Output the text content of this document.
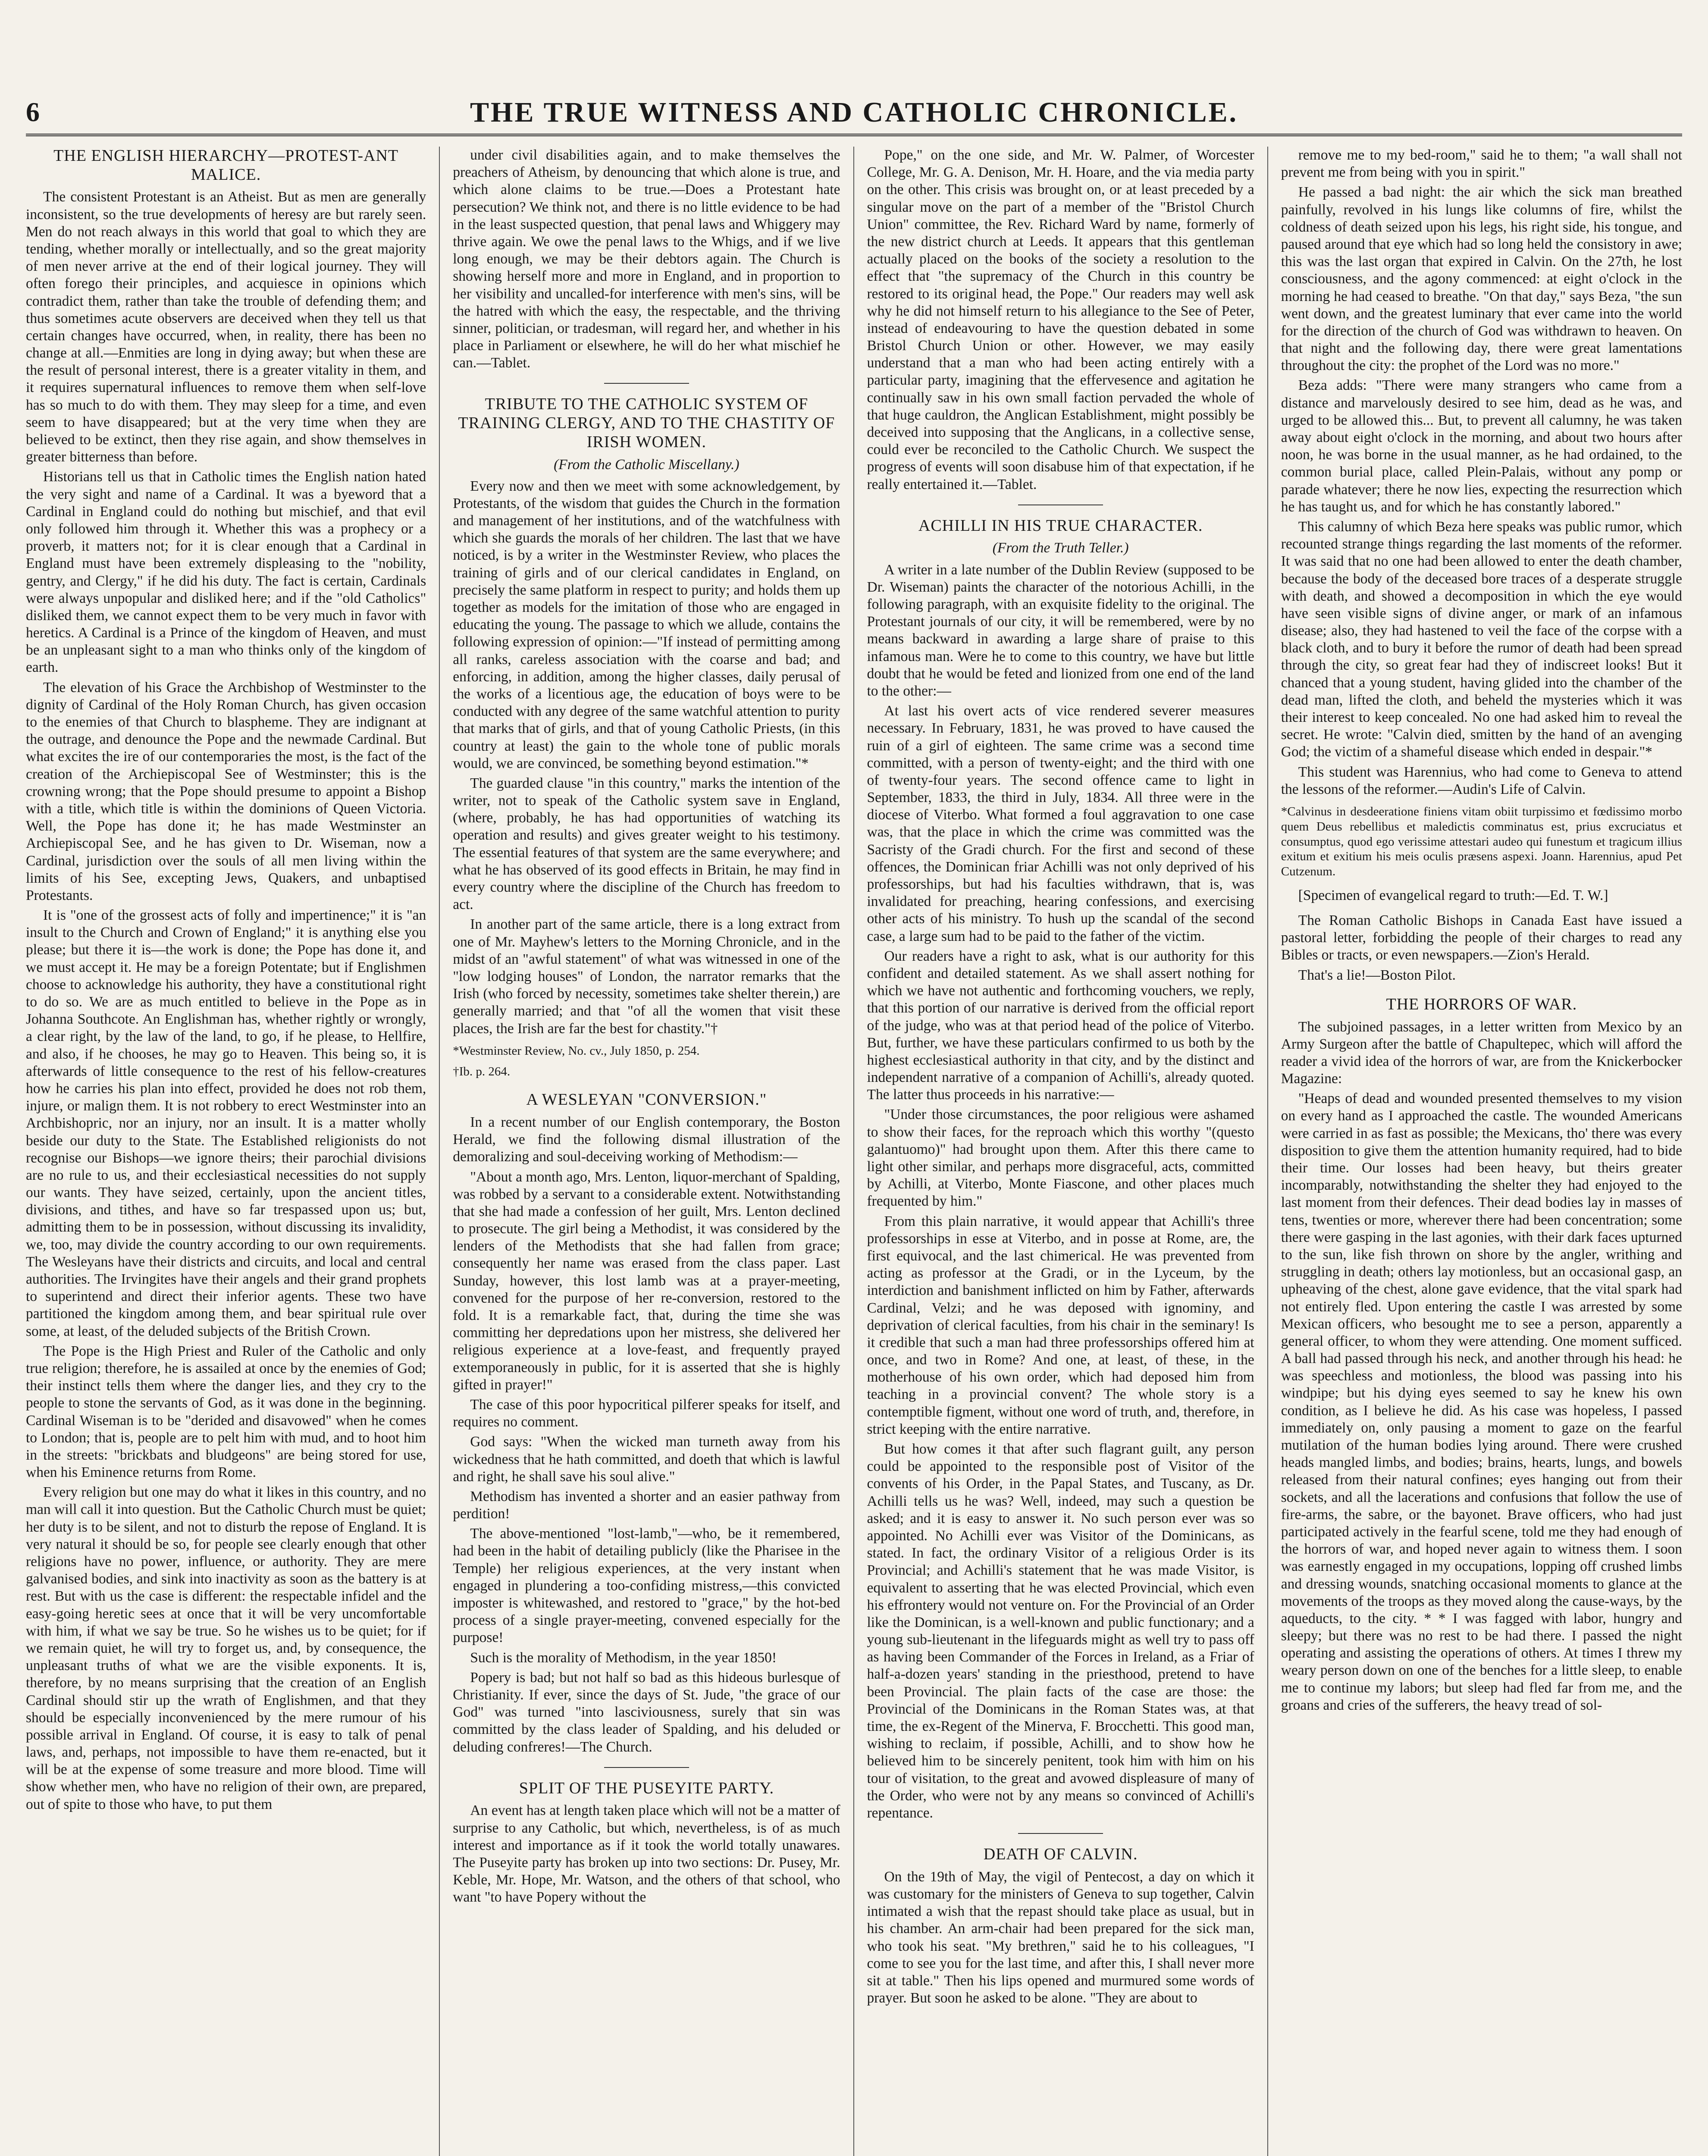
6	THE TRUE WITNESS AND CATHOLIC CHRONICLE.
THE ENGLISH HIERARCHY—PROTEST-ANT MALICE.

The consistent Protestant is an Atheist. But as men are generally inconsistent, so the true developments of heresy are but rarely seen. Men do not reach always in this world that goal to which they are tending, whether morally or intellectually, and so the great majority of men never arrive at the end of their logical journey. They will often forego their principles, and acquiesce in opinions which contradict them, rather than take the trouble of defending them; and thus sometimes acute observers are deceived when they tell us that certain changes have occurred, when, in reality, there has been no change at all.—Enmities are long in dying away; but when these are the result of personal interest, there is a greater vitality in them, and it requires supernatural influences to remove them when self-love has so much to do with them. They may sleep for a time, and even seem to have disappeared; but at the very time when they are believed to be extinct, then they rise again, and show themselves in greater bitterness than before.

Historians tell us that in Catholic times the English nation hated the very sight and name of a Cardinal. It was a byeword that a Cardinal in England could do nothing but mischief, and that evil only followed him through it. Whether this was a prophecy or a proverb, it matters not; for it is clear enough that a Cardinal in England must have been extremely displeasing to the "nobility, gentry, and Clergy," if he did his duty. The fact is certain, Cardinals were always unpopular and disliked here; and if the "old Catholics" disliked them, we cannot expect them to be very much in favor with heretics. A Cardinal is a Prince of the kingdom of Heaven, and must be an unpleasant sight to a man who thinks only of the kingdom of earth.

The elevation of his Grace the Archbishop of Westminster to the dignity of Cardinal of the Holy Roman Church, has given occasion to the enemies of that Church to blaspheme. They are indignant at the outrage, and denounce the Pope and the newmade Cardinal. But what excites the ire of our contemporaries the most, is the fact of the creation of the Archiepiscopal See of Westminster; this is the crowning wrong; that the Pope should presume to appoint a Bishop with a title, which title is within the dominions of Queen Victoria. Well, the Pope has done it; he has made Westminster an Archiepiscopal See, and he has given to Dr. Wiseman, now a Cardinal, jurisdiction over the souls of all men living within the limits of his See, excepting Jews, Quakers, and unbaptised Protestants.

It is "one of the grossest acts of folly and impertinence;" it is "an insult to the Church and Crown of England;" it is anything else you please; but there it is—the work is done; the Pope has done it, and we must accept it. He may be a foreign Potentate; but if Englishmen choose to acknowledge his authority, they have a constitutional right to do so. We are as much entitled to believe in the Pope as in Johanna Southcote. An Englishman has, whether rightly or wrongly, a clear right, by the law of the land, to go, if he please, to Hellfire, and also, if he chooses, he may go to Heaven. This being so, it is afterwards of little consequence to the rest of his fellow-creatures how he carries his plan into effect, provided he does not rob them, injure, or malign them. It is not robbery to erect Westminster into an Archbishopric, nor an injury, nor an insult. It is a matter wholly beside our duty to the State. The Established religionists do not recognise our Bishops—we ignore theirs; their parochial divisions are no rule to us, and their ecclesiastical necessities do not supply our wants. They have seized, certainly, upon the ancient titles, divisions, and tithes, and have so far trespassed upon us; but, admitting them to be in possession, without discussing its invalidity, we, too, may divide the country according to our own requirements. The Wesleyans have their districts and circuits, and local and central authorities. The Irvingites have their angels and their grand prophets to superintend and direct their inferior agents. These two have partitioned the kingdom among them, and bear spiritual rule over some, at least, of the deluded subjects of the British Crown.

The Pope is the High Priest and Ruler of the Catholic and only true religion; therefore, he is assailed at once by the enemies of God; their instinct tells them where the danger lies, and they cry to the people to stone the servants of God, as it was done in the beginning. Cardinal Wiseman is to be "derided and disavowed" when he comes to London; that is, people are to pelt him with mud, and to hoot him in the streets: "brickbats and bludgeons" are being stored for use, when his Eminence returns from Rome.

Every religion but one may do what it likes in this country, and no man will call it into question. But the Catholic Church must be quiet; her duty is to be silent, and not to disturb the repose of England. It is very natural it should be so, for people see clearly enough that other religions have no power, influence, or authority. They are mere galvanised bodies, and sink into inactivity as soon as the battery is at rest. But with us the case is different: the respectable infidel and the easy-going heretic sees at once that it will be very uncomfortable with him, if what we say be true. So he wishes us to be quiet; for if we remain quiet, he will try to forget us, and, by consequence, the unpleasant truths of what we are the visible exponents. It is, therefore, by no means surprising that the creation of an English Cardinal should stir up the wrath of Englishmen, and that they should be especially inconvenienced by the mere rumour of his possible arrival in England. Of course, it is easy to talk of penal laws, and, perhaps, not impossible to have them re-enacted, but it will be at the expense of some treasure and more blood. Time will show whether men, who have no religion of their own, are prepared, out of spite to those who have, to put them

under civil disabilities again, and to make themselves the preachers of Atheism, by denouncing that which alone is true, and which alone claims to be true.—Does a Protestant hate persecution? We think not, and there is no little evidence to be had in the least suspected question, that penal laws and Whiggery may thrive again. We owe the penal laws to the Whigs, and if we live long enough, we may be their debtors again. The Church is showing herself more and more in England, and in proportion to her visibility and uncalled-for interference with men's sins, will be the hatred with which the easy, the respectable, and the thriving sinner, politician, or tradesman, will regard her, and whether in his place in Parliament or elsewhere, he will do her what mischief he can.—Tablet.

TRIBUTE TO THE CATHOLIC SYSTEM OF TRAINING CLERGY, AND TO THE CHASTITY OF IRISH WOMEN.
(From the Catholic Miscellany.)

Every now and then we meet with some acknowledgement, by Protestants, of the wisdom that guides the Church in the formation and management of her institutions, and of the watchfulness with which she guards the morals of her children. The last that we have noticed, is by a writer in the Westminster Review, who places the training of girls and of our clerical candidates in England, on precisely the same platform in respect to purity; and holds them up together as models for the imitation of those who are engaged in educating the young. The passage to which we allude, contains the following expression of opinion:—"If instead of permitting among all ranks, careless association with the coarse and bad; and enforcing, in addition, among the higher classes, daily perusal of the works of a licentious age, the education of boys were to be conducted with any degree of the same watchful attention to purity that marks that of girls, and that of young Catholic Priests, (in this country at least) the gain to the whole tone of public morals would, we are convinced, be something beyond estimation."*

The guarded clause "in this country," marks the intention of the writer, not to speak of the Catholic system save in England, (where, probably, he has had opportunities of watching its operation and results) and gives greater weight to his testimony. The essential features of that system are the same everywhere; and what he has observed of its good effects in Britain, he may find in every country where the discipline of the Church has freedom to act.

In another part of the same article, there is a long extract from one of Mr. Mayhew's letters to the Morning Chronicle, and in the midst of an "awful statement" of what was witnessed in one of the "low lodging houses" of London, the narrator remarks that the Irish (who forced by necessity, sometimes take shelter therein,) are generally married; and that "of all the women that visit these places, the Irish are far the best for chastity."†

*Westminster Review, No. cv., July 1850, p. 254.
†Ib. p. 264.
A WESLEYAN "CONVERSION."

In a recent number of our English contemporary, the Boston Herald, we find the following dismal illustration of the demoralizing and soul-deceiving working of Methodism:—

"About a month ago, Mrs. Lenton, liquor-merchant of Spalding, was robbed by a servant to a considerable extent. Notwithstanding that she had made a confession of her guilt, Mrs. Lenton declined to prosecute. The girl being a Methodist, it was considered by the lenders of the Methodists that she had fallen from grace; consequently her name was erased from the class paper. Last Sunday, however, this lost lamb was at a prayer-meeting, convened for the purpose of her re-conversion, restored to the fold. It is a remarkable fact, that, during the time she was committing her depredations upon her mistress, she delivered her religious experience at a love-feast, and frequently prayed extemporaneously in public, for it is asserted that she is highly gifted in prayer!"

The case of this poor hypocritical pilferer speaks for itself, and requires no comment.

God says: "When the wicked man turneth away from his wickedness that he hath committed, and doeth that which is lawful and right, he shall save his soul alive."

Methodism has invented a shorter and an easier pathway from perdition!

The above-mentioned "lost-lamb,"—who, be it remembered, had been in the habit of detailing publicly (like the Pharisee in the Temple) her religious experiences, at the very instant when engaged in plundering a too-confiding mistress,—this convicted imposter is whitewashed, and restored to "grace," by the hot-bed process of a single prayer-meeting, convened especially for the purpose!

Such is the morality of Methodism, in the year 1850!

Popery is bad; but not half so bad as this hideous burlesque of Christianity. If ever, since the days of St. Jude, "the grace of our God" was turned "into lasciviousness, surely that sin was committed by the class leader of Spalding, and his deluded or deluding confreres!—The Church.

SPLIT OF THE PUSEYITE PARTY.

An event has at length taken place which will not be a matter of surprise to any Catholic, but which, nevertheless, is of as much interest and importance as if it took the world totally unawares. The Puseyite party has broken up into two sections: Dr. Pusey, Mr. Keble, Mr. Hope, Mr. Watson, and the others of that school, who want "to have Popery without the

Pope," on the one side, and Mr. W. Palmer, of Worcester College, Mr. G. A. Denison, Mr. H. Hoare, and the via media party on the other. This crisis was brought on, or at least preceded by a singular move on the part of a member of the "Bristol Church Union" committee, the Rev. Richard Ward by name, formerly of the new district church at Leeds. It appears that this gentleman actually placed on the books of the society a resolution to the effect that "the supremacy of the Church in this country be restored to its original head, the Pope." Our readers may well ask why he did not himself return to his allegiance to the See of Peter, instead of endeavouring to have the question debated in some Bristol Church Union or other. However, we may easily understand that a man who had been acting entirely with a particular party, imagining that the effervesence and agitation he continually saw in his own small faction pervaded the whole of that huge cauldron, the Anglican Establishment, might possibly be deceived into supposing that the Anglicans, in a collective sense, could ever be reconciled to the Catholic Church. We suspect the progress of events will soon disabuse him of that expectation, if he really entertained it.—Tablet.

ACHILLI IN HIS TRUE CHARACTER.
(From the Truth Teller.)

A writer in a late number of the Dublin Review (supposed to be Dr. Wiseman) paints the character of the notorious Achilli, in the following paragraph, with an exquisite fidelity to the original. The Protestant journals of our city, it will be remembered, were by no means backward in awarding a large share of praise to this infamous man. Were he to come to this country, we have but little doubt that he would be feted and lionized from one end of the land to the other:—

At last his overt acts of vice rendered severer measures necessary. In February, 1831, he was proved to have caused the ruin of a girl of eighteen. The same crime was a second time committed, with a person of twenty-eight; and the third with one of twenty-four years. The second offence came to light in September, 1833, the third in July, 1834. All three were in the diocese of Viterbo. What formed a foul aggravation to one case was, that the place in which the crime was committed was the Sacristy of the Gradi church. For the first and second of these offences, the Dominican friar Achilli was not only deprived of his professorships, but had his faculties withdrawn, that is, was invalidated for preaching, hearing confessions, and exercising other acts of his ministry. To hush up the scandal of the second case, a large sum had to be paid to the father of the victim.

Our readers have a right to ask, what is our authority for this confident and detailed statement. As we shall assert nothing for which we have not authentic and forthcoming vouchers, we reply, that this portion of our narrative is derived from the official report of the judge, who was at that period head of the police of Viterbo. But, further, we have these particulars confirmed to us both by the highest ecclesiastical authority in that city, and by the distinct and independent narrative of a companion of Achilli's, already quoted. The latter thus proceeds in his narrative:—

"Under those circumstances, the poor religious were ashamed to show their faces, for the reproach which this worthy "(questo galantuomo)" had brought upon them. After this there came to light other similar, and perhaps more disgraceful, acts, committed by Achilli, at Viterbo, Monte Fiascone, and other places much frequented by him."

From this plain narrative, it would appear that Achilli's three professorships in esse at Viterbo, and in posse at Rome, are, the first equivocal, and the last chimerical. He was prevented from acting as professor at the Gradi, or in the Lyceum, by the interdiction and banishment inflicted on him by Father, afterwards Cardinal, Velzi; and he was deposed with ignominy, and deprivation of clerical faculties, from his chair in the seminary! Is it credible that such a man had three professorships offered him at once, and two in Rome? And one, at least, of these, in the motherhouse of his own order, which had deposed him from teaching in a provincial convent? The whole story is a contemptible figment, without one word of truth, and, therefore, in strict keeping with the entire narrative.

But how comes it that after such flagrant guilt, any person could be appointed to the responsible post of Visitor of the convents of his Order, in the Papal States, and Tuscany, as Dr. Achilli tells us he was? Well, indeed, may such a question be asked; and it is easy to answer it. No such person ever was so appointed. No Achilli ever was Visitor of the Dominicans, as stated. In fact, the ordinary Visitor of a religious Order is its Provincial; and Achilli's statement that he was made Visitor, is equivalent to asserting that he was elected Provincial, which even his effrontery would not venture on. For the Provincial of an Order like the Dominican, is a well-known and public functionary; and a young sub-lieutenant in the lifeguards might as well try to pass off as having been Commander of the Forces in Ireland, as a Friar of half-a-dozen years' standing in the priesthood, pretend to have been Provincial. The plain facts of the case are those: the Provincial of the Dominicans in the Roman States was, at that time, the ex-Regent of the Minerva, F. Brocchetti. This good man, wishing to reclaim, if possible, Achilli, and to show how he believed him to be sincerely penitent, took him with him on his tour of visitation, to the great and avowed displeasure of many of the Order, who were not by any means so convinced of Achilli's repentance.

DEATH OF CALVIN.

On the 19th of May, the vigil of Pentecost, a day on which it was customary for the ministers of Geneva to sup together, Calvin intimated a wish that the repast should take place as usual, but in his chamber. An arm-chair had been prepared for the sick man, who took his seat. "My brethren," said he to his colleagues, "I come to see you for the last time, and after this, I shall never more sit at table." Then his lips opened and murmured some words of prayer. But soon he asked to be alone. "They are about to

remove me to my bed-room," said he to them; "a wall shall not prevent me from being with you in spirit."

He passed a bad night: the air which the sick man breathed painfully, revolved in his lungs like columns of fire, whilst the coldness of death seized upon his legs, his right side, his tongue, and paused around that eye which had so long held the consistory in awe; this was the last organ that expired in Calvin. On the 27th, he lost consciousness, and the agony commenced: at eight o'clock in the morning he had ceased to breathe. "On that day," says Beza, "the sun went down, and the greatest luminary that ever came into the world for the direction of the church of God was withdrawn to heaven. On that night and the following day, there were great lamentations throughout the city: the prophet of the Lord was no more."

Beza adds: "There were many strangers who came from a distance and marvelously desired to see him, dead as he was, and urged to be allowed this... But, to prevent all calumny, he was taken away about eight o'clock in the morning, and about two hours after noon, he was borne in the usual manner, as he had ordained, to the common burial place, called Plein-Palais, without any pomp or parade whatever; there he now lies, expecting the resurrection which he has taught us, and for which he has constantly labored."

This calumny of which Beza here speaks was public rumor, which recounted strange things regarding the last moments of the reformer. It was said that no one had been allowed to enter the death chamber, because the body of the deceased bore traces of a desperate struggle with death, and showed a decomposition in which the eye would have seen visible signs of divine anger, or mark of an infamous disease; also, they had hastened to veil the face of the corpse with a black cloth, and to bury it before the rumor of death had been spread through the city, so great fear had they of indiscreet looks! But it chanced that a young student, having glided into the chamber of the dead man, lifted the cloth, and beheld the mysteries which it was their interest to keep concealed. No one had asked him to reveal the secret. He wrote: "Calvin died, smitten by the hand of an avenging God; the victim of a shameful disease which ended in despair."*

This student was Harennius, who had come to Geneva to attend the lessons of the reformer.—Audin's Life of Calvin.

*Calvinus in desdeeratione finiens vitam obiit turpissimo et fœdissimo morbo quem Deus rebellibus et maledictis comminatus est, prius excruciatus et consumptus, quod ego verissime attestari audeo qui funestum et tragicum illius exitum et exitium his meis oculis præsens aspexi. Joann. Harennius, apud Pet Cutzenum.

[Specimen of evangelical regard to truth:—Ed. T. W.]

The Roman Catholic Bishops in Canada East have issued a pastoral letter, forbidding the people of their charges to read any Bibles or tracts, or even newspapers.—Zion's Herald.

That's a lie!—Boston Pilot.

THE HORRORS OF WAR.

The subjoined passages, in a letter written from Mexico by an Army Surgeon after the battle of Chapultepec, which will afford the reader a vivid idea of the horrors of war, are from the Knickerbocker Magazine:

"Heaps of dead and wounded presented themselves to my vision on every hand as I approached the castle. The wounded Americans were carried in as fast as possible; the Mexicans, tho' there was every disposition to give them the attention humanity required, had to bide their time. Our losses had been heavy, but theirs greater incomparably, notwithstanding the shelter they had enjoyed to the last moment from their defences. Their dead bodies lay in masses of tens, twenties or more, wherever there had been concentration; some there were gasping in the last agonies, with their dark faces upturned to the sun, like fish thrown on shore by the angler, writhing and struggling in death; others lay motionless, but an occasional gasp, an upheaving of the chest, alone gave evidence, that the vital spark had not entirely fled. Upon entering the castle I was arrested by some Mexican officers, who besought me to see a person, apparently a general officer, to whom they were attending. One moment sufficed. A ball had passed through his neck, and another through his head: he was speechless and motionless, the blood was passing into his windpipe; but his dying eyes seemed to say he knew his own condition, as I believe he did. As his case was hopeless, I passed immediately on, only pausing a moment to gaze on the fearful mutilation of the human bodies lying around. There were crushed heads mangled limbs, and bodies; brains, hearts, lungs, and bowels released from their natural confines; eyes hanging out from their sockets, and all the lacerations and confusions that follow the use of fire-arms, the sabre, or the bayonet. Brave officers, who had just participated actively in the fearful scene, told me they had enough of the horrors of war, and hoped never again to witness them. I soon was earnestly engaged in my occupations, lopping off crushed limbs and dressing wounds, snatching occasional moments to glance at the movements of the troops as they moved along the cause-ways, by the aqueducts, to the city. * * I was fagged with labor, hungry and sleepy; but there was no rest to be had there. I passed the night operating and assisting the operations of others. At times I threw my weary person down on one of the benches for a little sleep, to enable me to continue my labors; but sleep had fled far from me, and the groans and cries of the sufferers, the heavy tread of sol-
